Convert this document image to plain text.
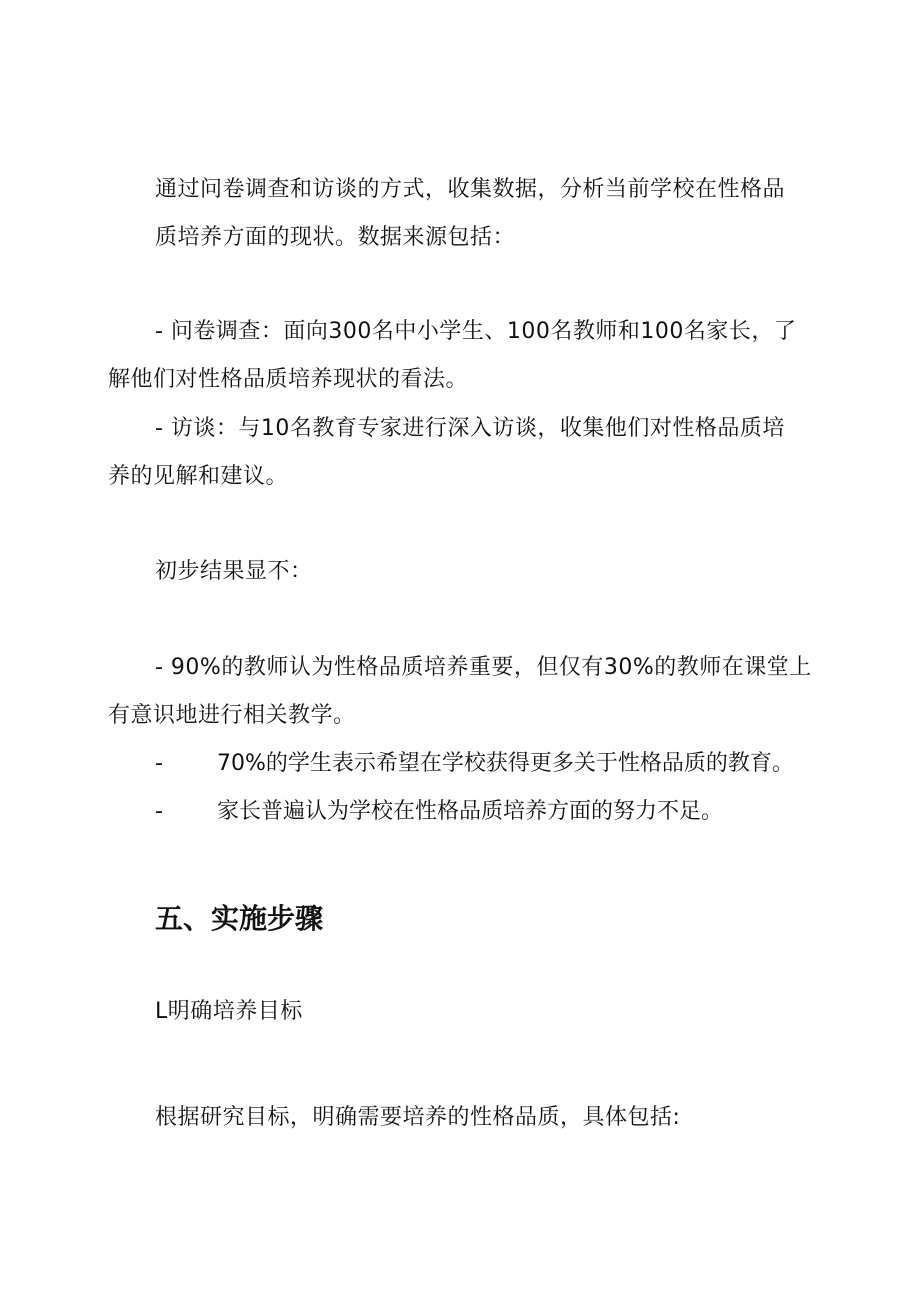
通过问卷调查和访谈的方式，收集数据，分析当前学校在性格品
质培养方面的现状。数据来源包括：
- 问卷调查：面向300名中小学生、100名教师和100名家长，了
解他们对性格品质培养现状的看法。
- 访谈：与10名教育专家进行深入访谈，收集他们对性格品质培
养的见解和建议。
初步结果显不：
- 90%的教师认为性格品质培养重要，但仅有30%的教师在课堂上
有意识地进行相关教学。
-	70%的学生表示希望在学校获得更多关于性格品质的教育。
-	家长普遍认为学校在性格品质培养方面的努力不足。
五、实施步骤
L明确培养目标
根据研究目标，明确需要培养的性格品质，具体包括:
